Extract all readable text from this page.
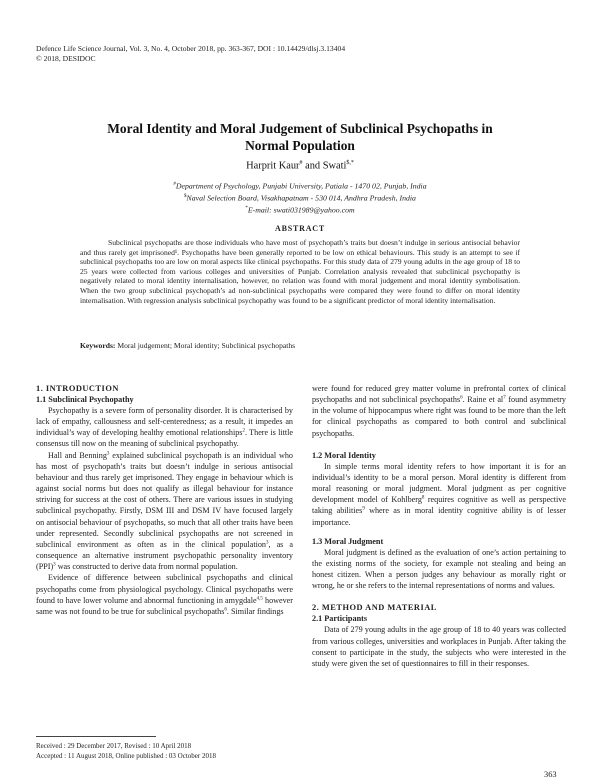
Defence Life Science Journal, Vol. 3, No. 4, October 2018, pp. 363-367, DOI : 10.14429/dlsj.3.13404
© 2018, DESIDOC
Moral Identity and Moral Judgement of Subclinical Psychopaths in
Normal Population
Harprit Kaur# and Swati$,*
#Department of Psychology, Punjabi University, Patiala - 1470 02, Punjab, India
$Naval Selection Board, Visakhapatnam - 530 014, Andhra Pradesh, India
*E-mail: swati031989@yahoo.com
ABSTRACT
Subclinical psychopaths are those individuals who have most of psychopath’s traits but doesn’t indulge in serious antisocial behavior and thus rarely get imprisoned¹. Psychopaths have been generally reported to be low on ethical behaviours. This study is an attempt to see if subclinical psychopaths too are low on moral aspects like clinical psychopaths. For this study data of 279 young adults in the age group of 18 to 25 years were collected from various colleges and universities of Punjab. Correlation analysis revealed that subclinical psychopathy is negatively related to moral identity internalisation, however, no relation was found with moral judgement and moral identity symbolisation. When the two group subclinical psychopath’s ad non-subclinical psychopaths were compared they were found to differ on moral identity internalisation. With regression analysis subclinical psychopathy was found to be a significant predictor of moral identity internalisation.
Keywords: Moral judgement; Moral identity; Subclinical psychopaths
1. INTRODUCTION
1.1 Subclinical Psychopathy

Psychopathy is a severe form of personality disorder. It is characterised by lack of empathy, callousness and self-centeredness; as a result, it impedes an individual’s way of developing healthy emotional relationships$^2$. There is little consensus till now on the meaning of subclinical psychopathy.

Hall and Benning$^3$ explained subclinical psychopath is an individual who has most of psychopath’s traits but doesn’t indulge in serious antisocial behaviour and thus rarely get imprisoned. They engage in behaviour which is against social norms but does not qualify as illegal behaviour for instance striving for success at the cost of others. There are various issues in studying subclinical psychopathy. Firstly, DSM III and DSM IV have focused largely on antisocial behaviour of psychopaths, so much that all other traits have been under represented. Secondly subclinical psychopaths are not screened in subclinical environment as often as in the clinical population$^3$, as a consequence an alternative instrument psychopathic personality inventory (PPI)$^3$ was constructed to derive data from normal population.

Evidence of difference between subclinical psychopaths and clinical psychopaths come from physiological psychology. Clinical psychopaths were found to have lower volume and abnormal functioning in amygdale$^{4,5}$ however same was not found to be true for subclinical psychopaths$^6$. Similar findings

were found for reduced grey matter volume in prefrontal cortex of clinical psychopaths and not subclinical psychopaths$^6$. Raine et $al^7$ found asymmetry in the volume of hippocampus where right was found to be more than the left for clinical psychopaths as compared to both control and subclinical psychopaths.

1.2 Moral Identity

In simple terms moral identity refers to how important it is for an individual’s identity to be a moral person. Moral identity is different from moral reasoning or moral judgment. Moral judgment as per cognitive development model of Kohlberg$^8$ requires cognitive as well as perspective taking abilities$^9$ where as in moral identity cognitive ability is of lesser importance.

1.3 Moral Judgment

Moral judgment is defined as the evaluation of one’s action pertaining to the existing norms of the society, for example not stealing and being an honest citizen. When a person judges any behaviour as morally right or wrong, he or she refers to the internal representations of norms and values.

2. METHOD AND MATERIAL
2.1 Participants

Data of 279 young adults in the age group of 18 to 40 years was collected from various colleges, universities and workplaces in Punjab. After taking the consent to participate in the study, the subjects who were interested in the study were given the set of questionnaires to fill in their responses.

Received : 29 December 2017, Revised : 10 April 2018
Accepted : 11 August 2018, Online published : 03 October 2018
363
